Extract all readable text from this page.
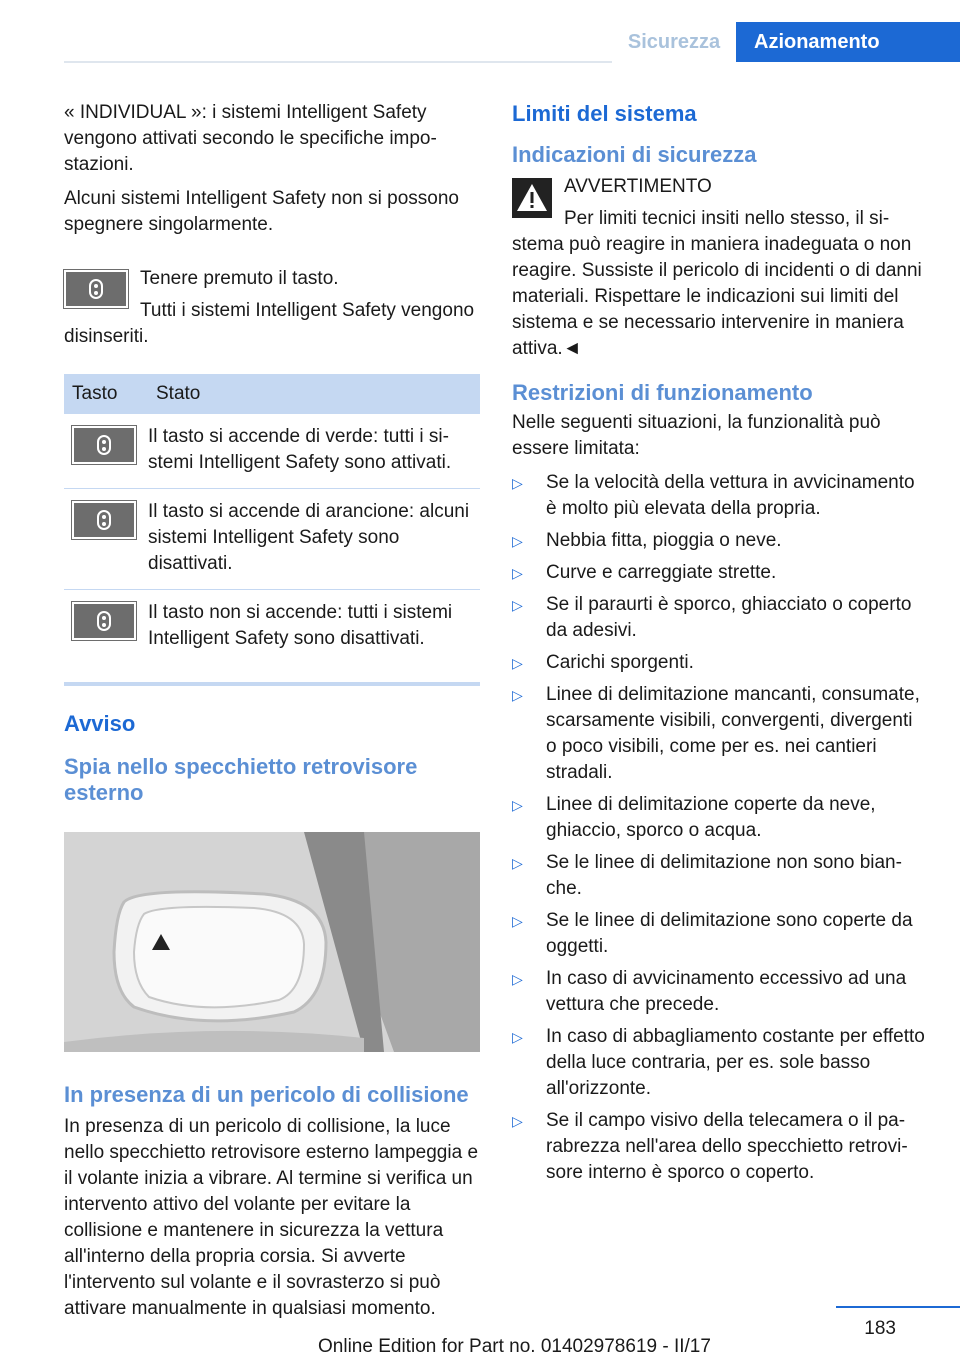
Sicurezza	Azionamento

« INDIVIDUAL »: i sistemi Intelligent Safety vengono attivati secondo le specifiche impostazioni.

Alcuni sistemi Intelligent Safety non si possono spegnere singolarmente.

Tenere premuto il tasto.

Tutti i sistemi Intelligent Safety vengono disinseriti.

Tasto	Stato

	Il tasto si accende di verde: tutti i sistemi Intelligent Safety sono attivati.

	Il tasto si accende di arancione: alcuni sistemi Intelligent Safety sono disattivati.

	Il tasto non si accende: tutti i sistemi Intelligent Safety sono disattivati.
Avviso
Spia nello specchietto retrovisore esterno
In presenza di un pericolo di collisione

In presenza di un pericolo di collisione, la luce nello specchietto retrovisore esterno lampeggia e il volante inizia a vibrare. Al termine si verifica un intervento attivo del volante per evitare la collisione e mantenere in sicurezza la vettura all'interno della propria corsia. Si avverte l'intervento sul volante e il sovrasterzo si può attivare manualmente in qualsiasi momento.

Limiti del sistema
Indicazioni di sicurezza

AVVERTIMENTO

Per limiti tecnici insiti nello stesso, il sistema può reagire in maniera inadeguata o non reagire. Sussiste il pericolo di incidenti o di danni materiali. Rispettare le indicazioni sui limiti del sistema e se necessario intervenire in maniera attiva.◄

Restrizioni di funzionamento

Nelle seguenti situazioni, la funzionalità può essere limitata:

▷ Se la velocità della vettura in avvicinamento è molto più elevata della propria.
▷ Nebbia fitta, pioggia o neve.
▷ Curve e carreggiate strette.
▷ Se il paraurti è sporco, ghiacciato o coperto da adesivi.
▷ Carichi sporgenti.
▷ Linee di delimitazione mancanti, consumate, scarsamente visibili, convergenti, divergenti o poco visibili, come per es. nei cantieri stradali.
▷ Linee di delimitazione coperte da neve, ghiaccio, sporco o acqua.
▷ Se le linee di delimitazione non sono bianche.
▷ Se le linee di delimitazione sono coperte da oggetti.
▷ In caso di avvicinamento eccessivo ad una vettura che precede.
▷ In caso di abbagliamento costante per effetto della luce contraria, per es. sole basso all'orizzonte.
▷ Se il campo visivo della telecamera o il parabrezza nell'area dello specchietto retrovisore interno è sporco o coperto.
183
Online Edition for Part no. 01402978619 - II/17
